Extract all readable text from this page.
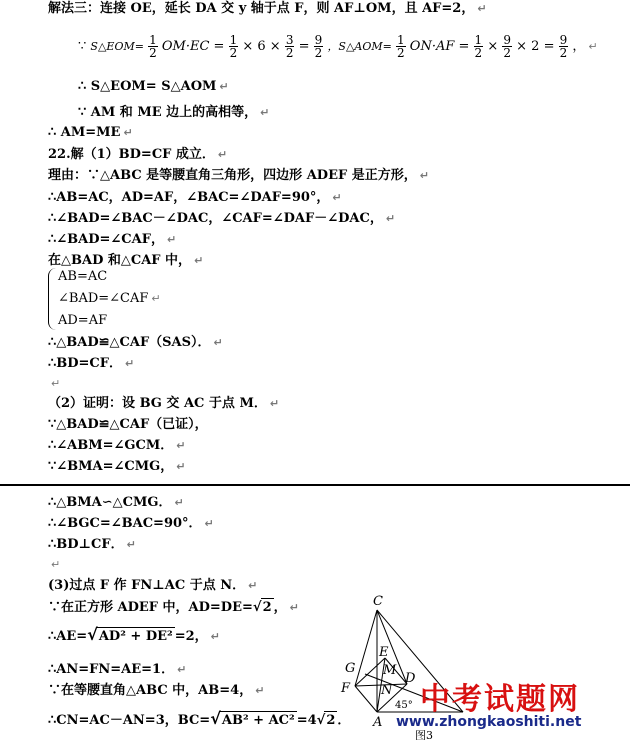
解法三：连接 OE，延长 DA 交 y 轴于点 F，则 AF⊥OM，且 AF=2， ↵
∵ S△EOM= $\frac{1}{2} OM\cdot EC = \frac{1}{2} \times 6 \times \frac{3}{2} = \frac{9}{2}$ ，S△AOM= $\frac{1}{2} ON\cdot AF = \frac{1}{2} \times \frac{9}{2} \times 2 = \frac{9}{2}$ ， ↵
∴ S△EOM= S△AOM ↵
∵ AM 和 ME 边上的高相等， ↵
∴ AM=ME ↵
22.解（1）BD=CF 成立． ↵
理由：∵△ABC 是等腰直角三角形，四边形 ADEF 是正方形， ↵
∴AB=AC，AD=AF，∠BAC=∠DAF=90°， ↵
∴∠BAD=∠BAC－∠DAC，∠CAF=∠DAF－∠DAC， ↵
∴∠BAD=∠CAF， ↵
在△BAD 和△CAF 中， ↵
AB=AC
∠BAD=∠CAF ↵
AD=AF
∴△BAD≌△CAF（SAS）． ↵
∴BD=CF． ↵
↵
（2）证明：设 BG 交 AC 于点 M． ↵
∵△BAD≌△CAF（已证），
∴∠ABM=∠GCM． ↵
∵∠BMA=∠CMG， ↵
∴△BMA∽△CMG． ↵
∴∠BGC=∠BAC=90°． ↵
∴BD⊥CF． ↵
↵
(3)过点 F 作 FN⊥AC 于点 N． ↵
∵在正方形 ADEF 中，AD=DE=√2 ， ↵
∴AE=√AD² + DE² =2， ↵
∴AN=FN=AE=1． ↵
∵在等腰直角△ABC 中，AB=4， ↵
∴CN=AC－AN=3，BC=√AB² + AC² =4√2 ．
C
E
G M
F N
D
A
45°
图3
中考试题网
www.zhongkaoshiti.net
